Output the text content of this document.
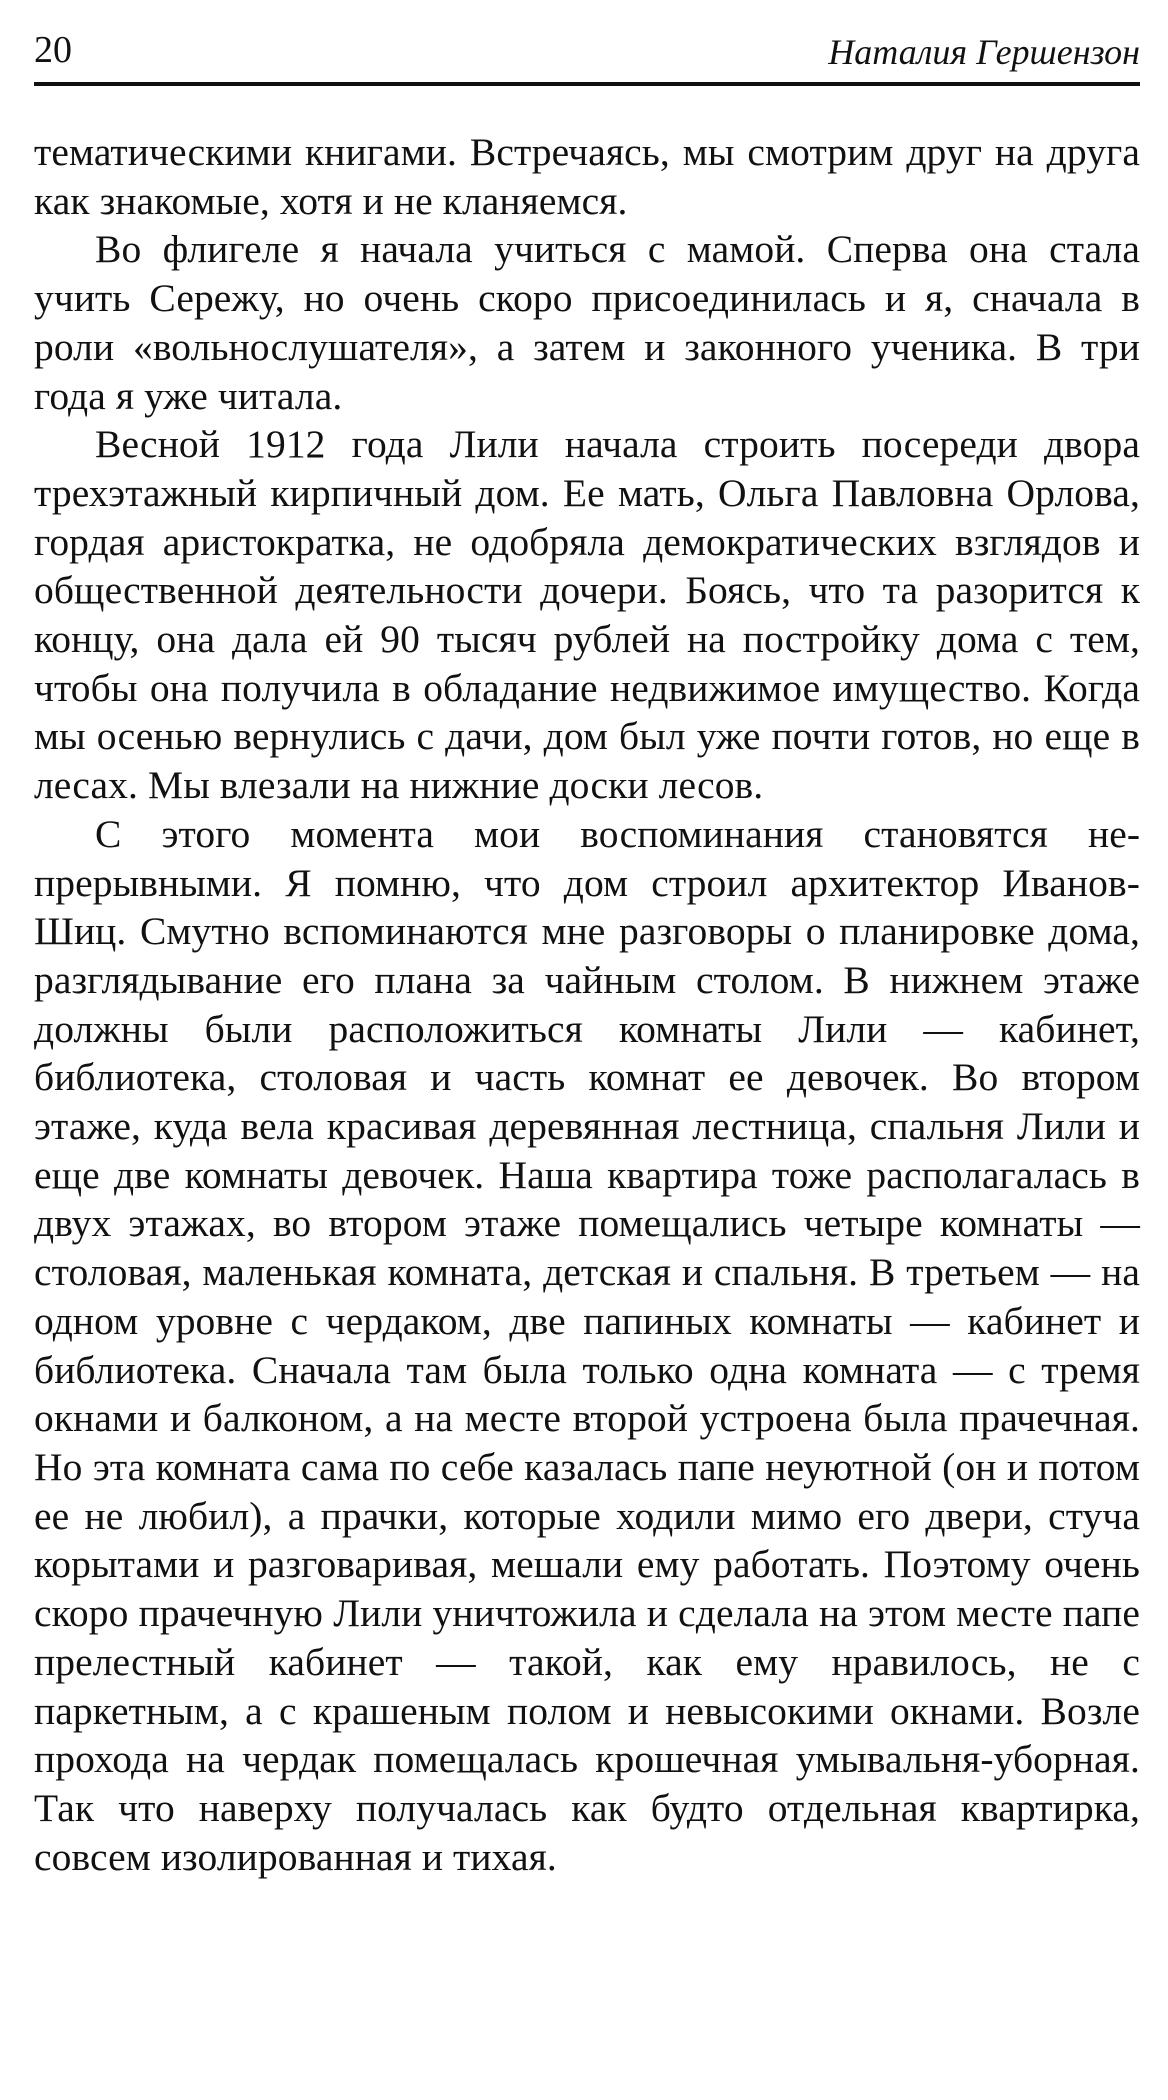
20	Наталия Гершензон

тематическими книгами. Встречаясь, мы смотрим друг на друга как знакомые, хотя и не кланяемся.

Во флигеле я начала учиться с мамой. Сперва она стала учить Сережу, но очень скоро присоединилась и я, сначала в роли «вольнослушателя», а затем и законного ученика. В три года я уже читала.

Весной 1912 года Лили начала строить посереди двора трехэтажный кирпичный дом. Ее мать, Ольга Павловна Орлова, гордая аристократка, не одобряла демократических взглядов и общественной деятельности дочери. Боясь, что та разорится к концу, она дала ей 90 тысяч рублей на постройку дома с тем, чтобы она получила в обладание недвижимое имущество. Когда мы осенью вернулись с дачи, дом был уже почти готов, но еще в лесах. Мы влезали на нижние доски лесов.

С этого момента мои воспоминания становятся непрерывными. Я помню, что дом строил архитектор Иванов-Шиц. Смутно вспоминаются мне разговоры о планировке дома, разглядывание его плана за чайным столом. В нижнем этаже должны были расположиться комнаты Лили — кабинет, библиотека, столовая и часть комнат ее девочек. Во втором этаже, куда вела красивая деревянная лестница, спальня Лили и еще две комнаты девочек. Наша квартира тоже располагалась в двух этажах, во втором этаже помещались четыре комнаты — столовая, маленькая комната, детская и спальня. В третьем — на одном уровне с чердаком, две папиных комнаты — кабинет и библиотека. Сначала там была только одна комната — с тремя окнами и балконом, а на месте второй устроена была прачечная. Но эта комната сама по себе казалась папе неуютной (он и потом ее не любил), а прачки, которые ходили мимо его двери, стуча корытами и разговаривая, мешали ему работать. Поэтому очень скоро прачечную Лили уничтожила и сделала на этом месте папе прелестный кабинет — такой, как ему нравилось, не с паркетным, а с крашеным полом и невысокими окнами. Возле прохода на чердак помещалась крошечная умывальня-уборная. Так что наверху получалась как будто отдельная квартирка, совсем изолированная и тихая.
